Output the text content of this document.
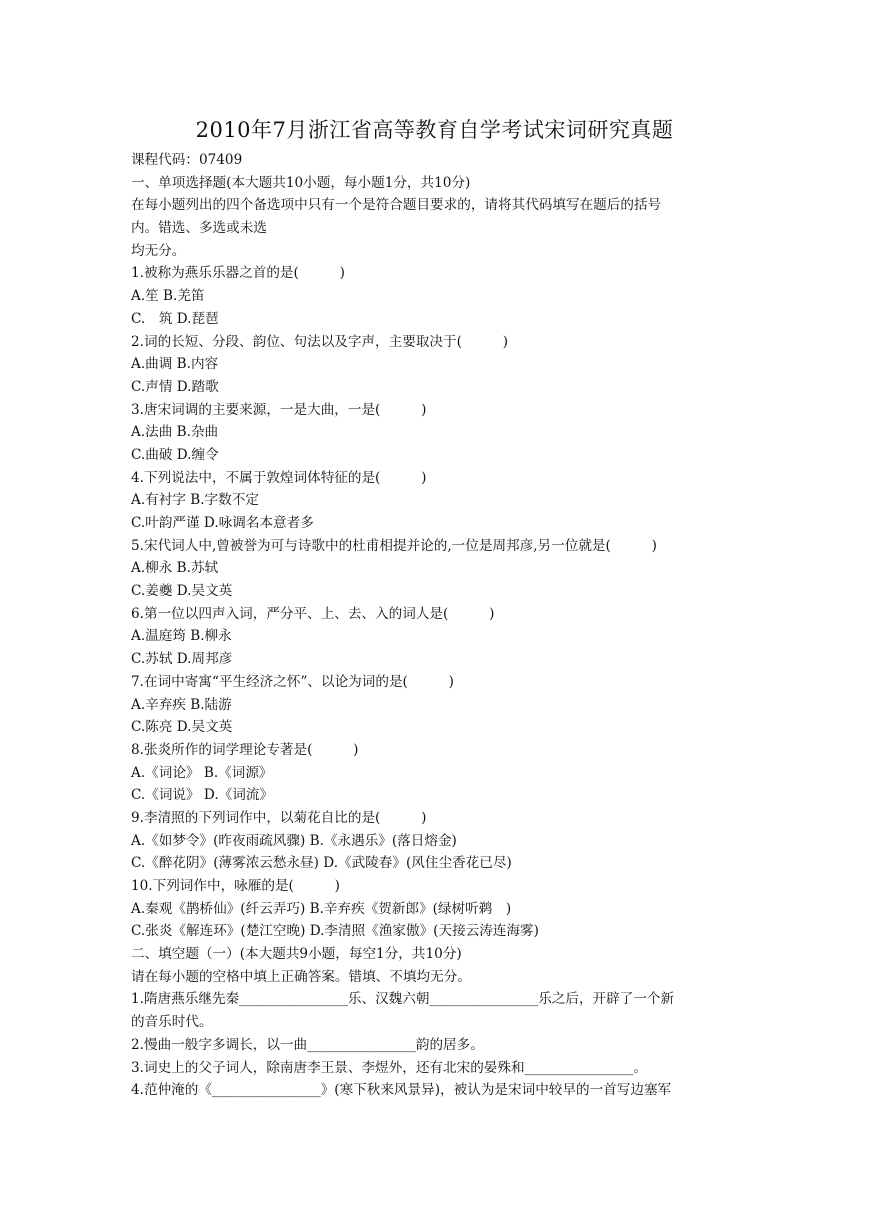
2010年7月浙江省高等教育自学考试宋词研究真题
课程代码：07409
一、单项选择题(本大题共10小题，每小题1分，共10分)
在每小题列出的四个备选项中只有一个是符合题目要求的，请将其代码填写在题后的括号
内。错选、多选或未选
均无分。
1.被称为燕乐乐器之首的是(　　　)
A.笙 B.羌笛
C.　筑 D.琵琶
2.词的长短、分段、韵位、句法以及字声，主要取决于(　　　)
A.曲调 B.内容
C.声情 D.踏歌
3.唐宋词调的主要来源，一是大曲，一是(　　　)
A.法曲 B.杂曲
C.曲破 D.缠令
4.下列说法中，不属于敦煌词体特征的是(　　　)
A.有衬字 B.字数不定
C.叶韵严谨 D.咏调名本意者多
5.宋代词人中,曾被誉为可与诗歌中的杜甫相提并论的,一位是周邦彦,另一位就是(　　　)
A.柳永 B.苏轼
C.姜夔 D.吴文英
6.第一位以四声入词，严分平、上、去、入的词人是(　　　)
A.温庭筠 B.柳永
C.苏轼 D.周邦彦
7.在词中寄寓“平生经济之怀”、以论为词的是(　　　)
A.辛弃疾 B.陆游
C.陈亮 D.吴文英
8.张炎所作的词学理论专著是(　　　)
A.《词论》 B.《词源》
C.《词说》 D.《词流》
9.李清照的下列词作中，以菊花自比的是(　　　)
A.《如梦令》(昨夜雨疏风骤) B.《永遇乐》(落日熔金)
C.《醉花阴》(薄雾浓云愁永昼) D.《武陵春》(风住尘香花已尽)
10.下列词作中，咏雁的是(　　　)
A.秦观《鹊桥仙》(纤云弄巧) B.辛弃疾《贺新郎》(绿树听鹈　)
C.张炎《解连环》(楚江空晚) D.李清照《渔家傲》(天接云涛连海雾)
二、填空题（一）(本大题共9小题，每空1分，共10分)
请在每小题的空格中填上正确答案。错填、不填均无分。
1.隋唐燕乐继先秦________________乐、汉魏六朝________________乐之后，开辟了一个新
的音乐时代。
2.慢曲一般字多调长，以一曲________________韵的居多。
3.词史上的父子词人，除南唐李王景、李煜外，还有北宋的晏殊和________________。
4.范仲淹的《________________》(寒下秋来风景异)，被认为是宋词中较早的一首写边塞军
